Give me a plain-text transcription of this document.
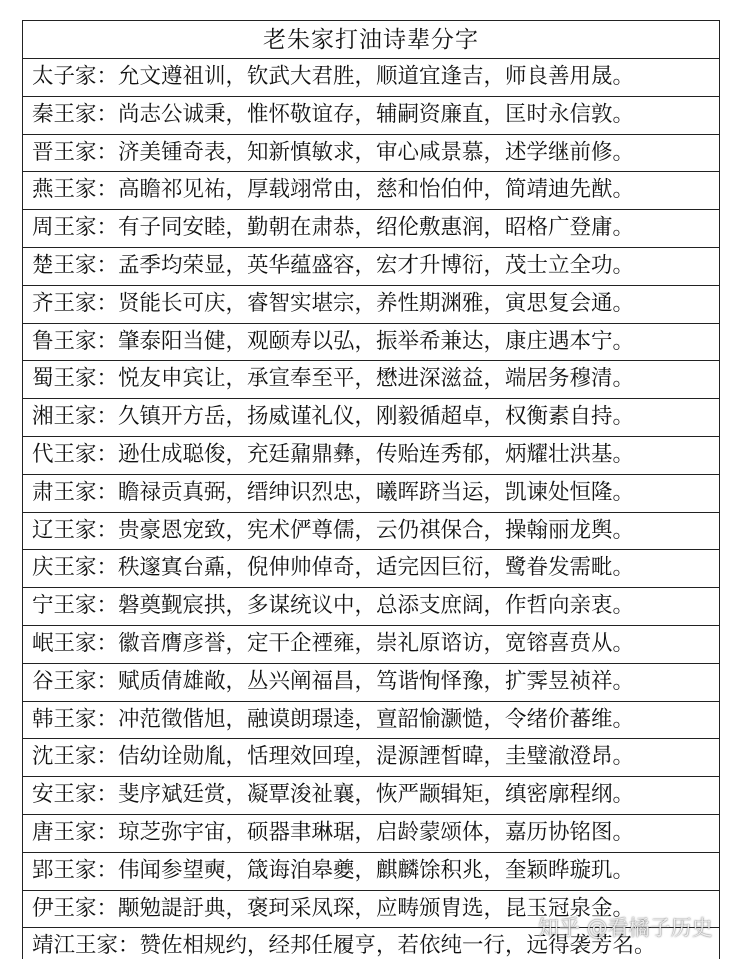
老朱家打油诗辈分字
太子家：允文遵祖训，钦武大君胜，顺道宜逢吉，师良善用晟。
秦王家：尚志公诚秉，惟怀敬谊存，辅嗣资廉直，匡时永信敦。
晋王家：济美锺奇表，知新慎敏求，审心咸景慕，述学继前修。
燕王家：高瞻祁见祐，厚载翊常由，慈和怡伯仲，简靖迪先猷。
周王家：有子同安睦，勤朝在肃恭，绍伦敷惠润，昭格广登庸。
楚王家：孟季均荣显，英华蕴盛容，宏才升博衍，茂士立全功。
齐王家：贤能长可庆，睿智实堪宗，养性期渊雅，寅思复会通。
鲁王家：肇泰阳当健，观颐寿以弘，振举希兼达，康庄遇本宁。
蜀王家：悦友申宾让，承宣奉至平，懋进深滋益，端居务穆清。
湘王家：久镇开方岳，扬威谨礼仪，刚毅循超卓，权衡素自持。
代王家：逊仕成聪俊，充廷鼐鼎彝，传贻连秀郁，炳耀壮洪基。
肃王家：瞻禄贡真弼，缙绅识烈忠，曦晖跻当运，凯谏处恒隆。
辽王家：贵豪恩宠致，宪术俨尊儒，云仍祺保合，操翰丽龙舆。
庆王家：秩邃寘台鼒，倪伸帅倬奇，适完因巨衍，鹭眷发需毗。
宁王家：磐奠觐宸拱，多谋统议中，总添支庶阔，作哲向亲衷。
岷王家：徽音膺彦誉，定干企禋雍，崇礼原谘访，宽镕喜贲从。
谷王家：赋质倩雄敞，丛兴阐福昌，笃谐恂怿豫，扩霁昱祯祥。
韩王家：冲范徵偕旭，融谟朗璟逵，亶韶愉灏慥，令绪价蕃维。
沈王家：佶幼诠勋胤，恬理效回瑝，湜源諲皙暐，圭璧澈澄昂。
安王家：斐序斌廷赏，凝覃浚祉襄，恢严颛辑矩，缜密廓程纲。
唐王家：琼芝弥宇宙，硕器聿琳琚，启龄蒙颂体，嘉历协铭图。
郢王家：伟闻参望奭，箴诲洎皋夔，麒麟馀积兆，奎颖晔璇玑。
伊王家：颙勉諟訏典，褒珂采凤琛，应畴颁胄选，昆玉冠泉金。
靖江王家：赞佐相规约，经邦任履亨，若依纯一行，远得袭芳名。
知乎 @看橘子历史
